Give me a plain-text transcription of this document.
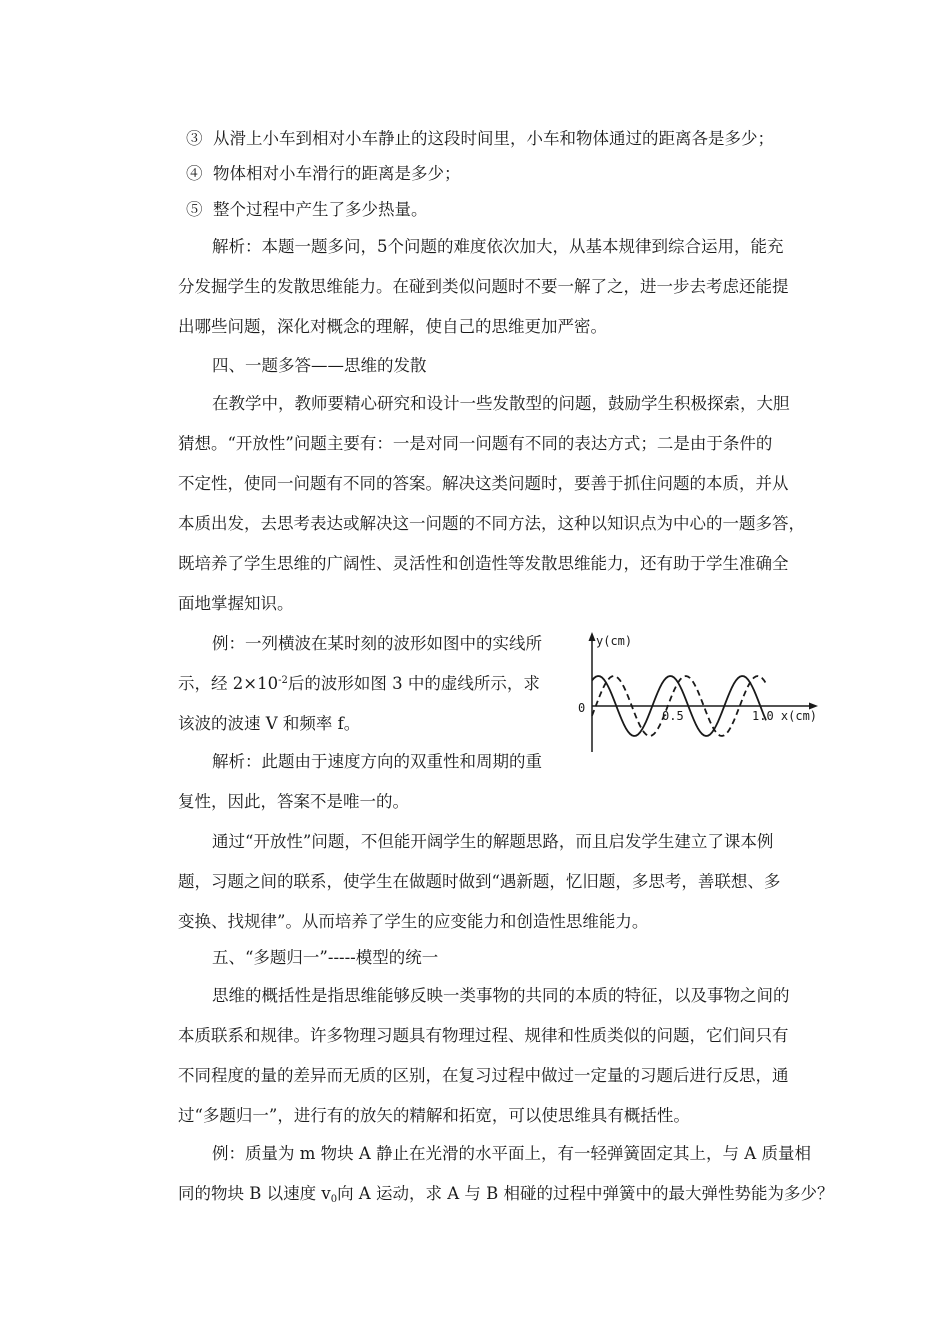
③ 从滑上小车到相对小车静止的这段时间里，小车和物体通过的距离各是多少；
④ 物体相对小车滑行的距离是多少；
⑤ 整个过程中产生了多少热量。
解析：本题一题多问，5个问题的难度依次加大，从基本规律到综合运用，能充
分发掘学生的发散思维能力。在碰到类似问题时不要一解了之，进一步去考虑还能提
出哪些问题，深化对概念的理解，使自己的思维更加严密。
四、一题多答——思维的发散
在教学中，教师要精心研究和设计一些发散型的问题，鼓励学生积极探索，大胆
猜想。“开放性”问题主要有：一是对同一问题有不同的表达方式；二是由于条件的
不定性，使同一问题有不同的答案。解决这类问题时，要善于抓住问题的本质，并从
本质出发，去思考表达或解决这一问题的不同方法，这种以知识点为中心的一题多答，
既培养了学生思维的广阔性、灵活性和创造性等发散思维能力，还有助于学生准确全
面地掌握知识。
例：一列横波在某时刻的波形如图中的实线所
示，经 $2\times 10^{-2}$后的波形如图 3 中的虚线所示，求
该波的波速 V 和频率 f。
解析：此题由于速度方向的双重性和周期的重
复性，因此，答案不是唯一的。
通过“开放性”问题，不但能开阔学生的解题思路，而且启发学生建立了课本例
题，习题之间的联系，使学生在做题时做到“遇新题，忆旧题，多思考，善联想、多
变换、找规律”。从而培养了学生的应变能力和创造性思维能力。
五、“多题归一”-----模型的统一
思维的概括性是指思维能够反映一类事物的共同的本质的特征，以及事物之间的
本质联系和规律。许多物理习题具有物理过程、规律和性质类似的问题，它们间只有
不同程度的量的差异而无质的区别，在复习过程中做过一定量的习题后进行反思，通
过“多题归一”，进行有的放矢的精解和拓宽，可以使思维具有概括性。
例：质量为 m 物块 A 静止在光滑的水平面上，有一轻弹簧固定其上，与 A 质量相
同的物块 B 以速度 v0向 A 运动，求 A 与 B 相碰的过程中弹簧中的最大弹性势能为多少？
y(cm)
0
0.5	1.0 x(cm)
